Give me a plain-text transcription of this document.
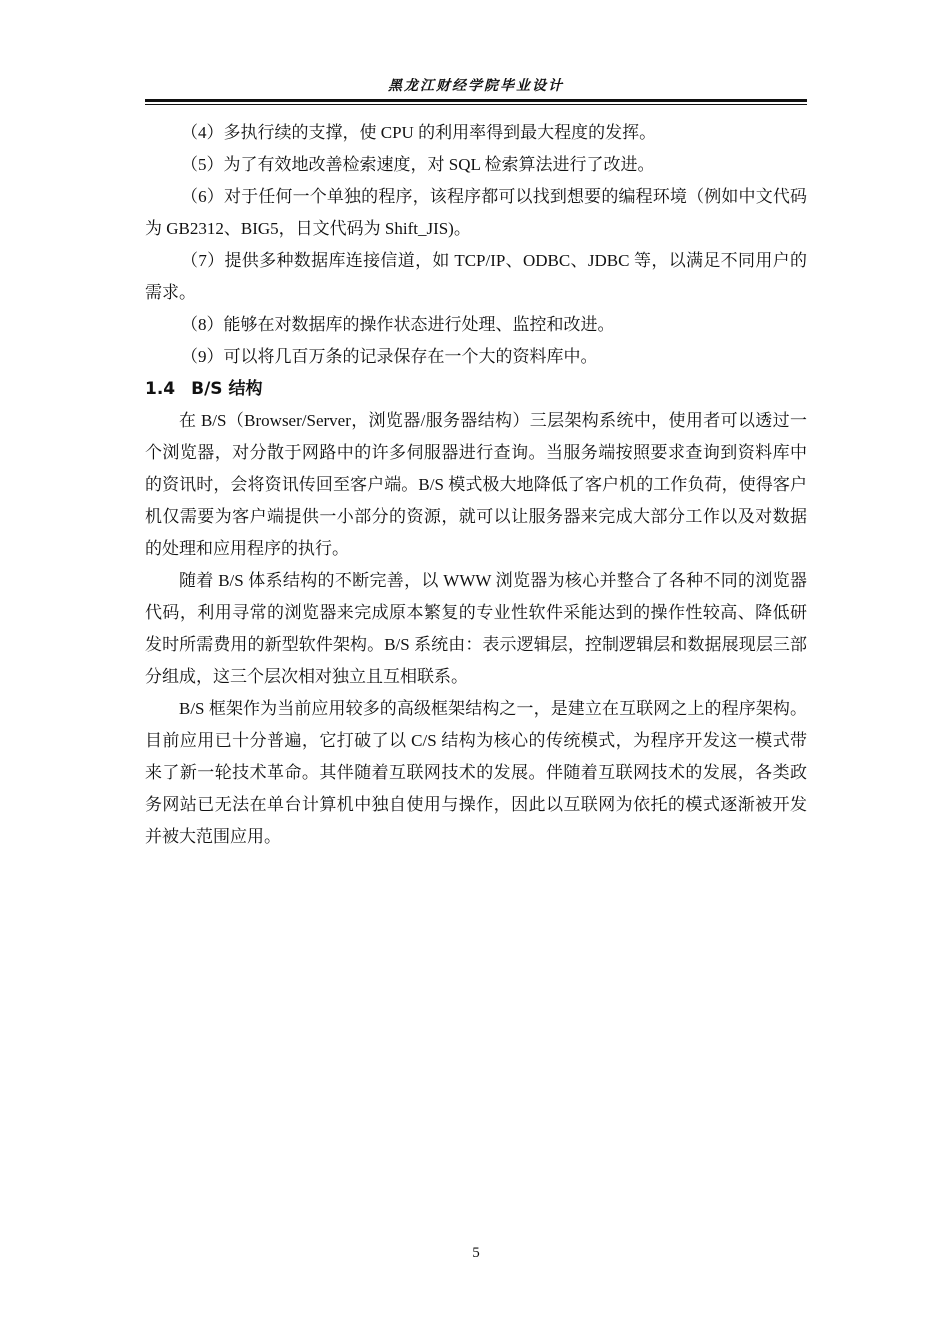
黑龙江财经学院毕业设计

（4）多执行续的支撑，使 CPU 的利用率得到最大程度的发挥。

（5）为了有效地改善检索速度，对 SQL 检索算法进行了改进。

（6）对于任何一个单独的程序，该程序都可以找到想要的编程环境（例如中文代码为 GB2312、BIG5，日文代码为 Shift_JIS)。

（7）提供多种数据库连接信道，如 TCP/IP、ODBC、JDBC 等，以满足不同用户的需求。

（8）能够在对数据库的操作状态进行处理、监控和改进。

（9）可以将几百万条的记录保存在一个大的资料库中。

1.4 B/S 结构

在 B/S（Browser/Server，浏览器/服务器结构）三层架构系统中，使用者可以透过一个浏览器，对分散于网路中的许多伺服器进行查询。当服务端按照要求查询到资料库中的资讯时，会将资讯传回至客户端。B/S 模式极大地降低了客户机的工作负荷，使得客户机仅需要为客户端提供一小部分的资源，就可以让服务器来完成大部分工作以及对数据的处理和应用程序的执行。

随着 B/S 体系结构的不断完善，以 WWW 浏览器为核心并整合了各种不同的浏览器代码，利用寻常的浏览器来完成原本繁复的专业性软件采能达到的操作性较高、降低研发时所需费用的新型软件架构。B/S 系统由：表示逻辑层，控制逻辑层和数据展现层三部分组成，这三个层次相对独立且互相联系。

B/S 框架作为当前应用较多的高级框架结构之一，是建立在互联网之上的程序架构。目前应用已十分普遍，它打破了以 C/S 结构为核心的传统模式，为程序开发这一模式带来了新一轮技术革命。其伴随着互联网技术的发展。伴随着互联网技术的发展，各类政务网站已无法在单台计算机中独自使用与操作，因此以互联网为依托的模式逐渐被开发并被大范围应用。

5
